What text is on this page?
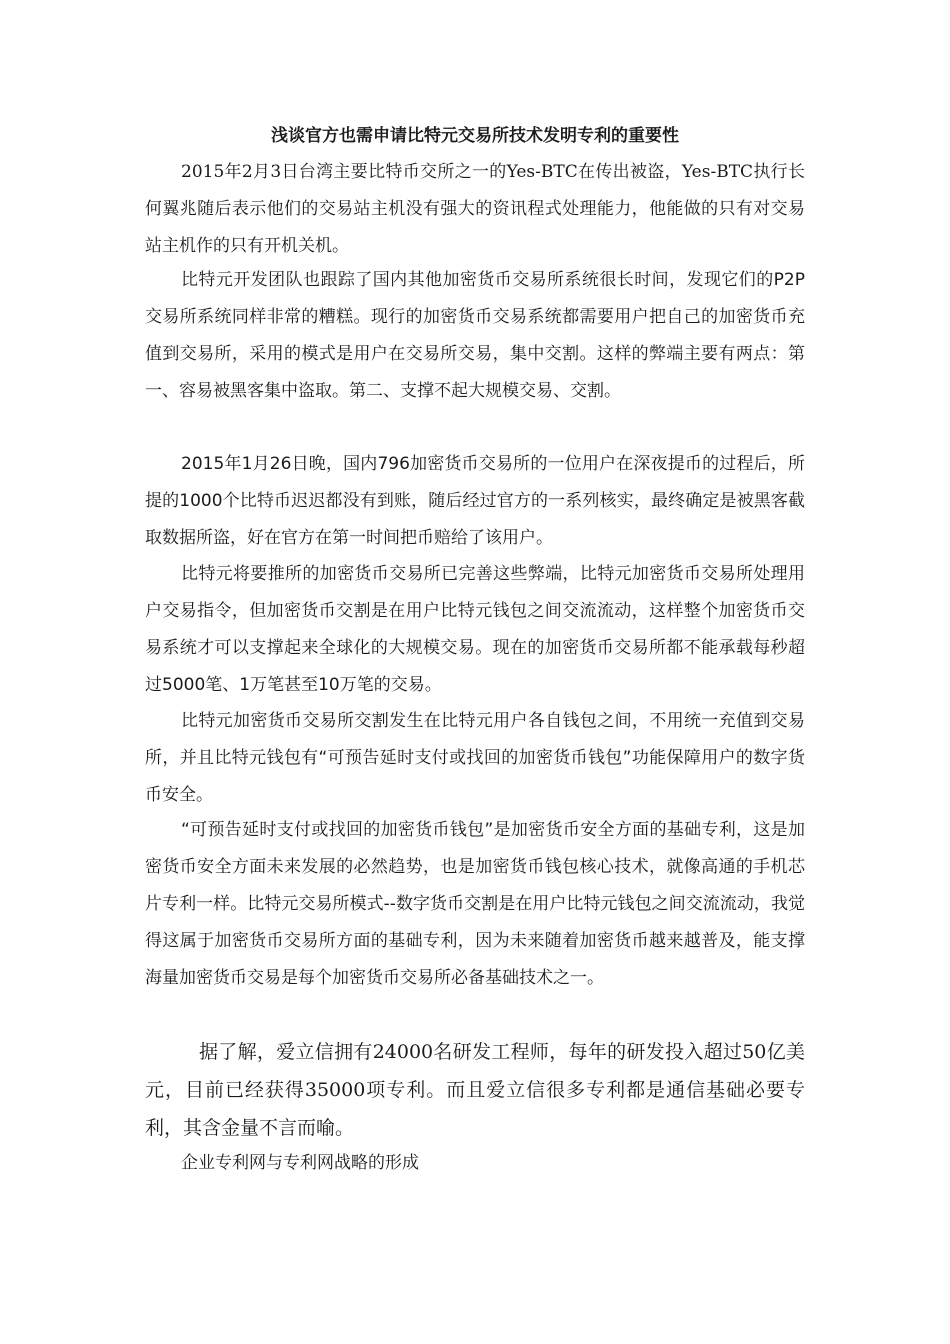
浅谈官方也需申请比特元交易所技术发明专利的重要性

2015年2月3日台湾主要比特币交所之一的Yes-BTC在传出被盗，Yes-BTC执行长何翼兆随后表示他们的交易站主机没有强大的资讯程式处理能力，他能做的只有对交易站主机作的只有开机关机。

比特元开发团队也跟踪了国内其他加密货币交易所系统很长时间，发现它们的P2P交易所系统同样非常的糟糕。现行的加密货币交易系统都需要用户把自己的加密货币充值到交易所，采用的模式是用户在交易所交易，集中交割。这样的弊端主要有两点：第一、容易被黑客集中盗取。第二、支撑不起大规模交易、交割。

2015年1月26日晚，国内796加密货币交易所的一位用户在深夜提币的过程后，所提的1000个比特币迟迟都没有到账，随后经过官方的一系列核实，最终确定是被黑客截取数据所盗，好在官方在第一时间把币赔给了该用户。

比特元将要推所的加密货币交易所已完善这些弊端，比特元加密货币交易所处理用户交易指令，但加密货币交割是在用户比特元钱包之间交流流动，这样整个加密货币交易系统才可以支撑起来全球化的大规模交易。现在的加密货币交易所都不能承载每秒超过5000笔、1万笔甚至10万笔的交易。

比特元加密货币交易所交割发生在比特元用户各自钱包之间，不用统一充值到交易所，并且比特元钱包有“可预告延时支付或找回的加密货币钱包”功能保障用户的数字货币安全。

“可预告延时支付或找回的加密货币钱包”是加密货币安全方面的基础专利，这是加密货币安全方面未来发展的必然趋势，也是加密货币钱包核心技术，就像高通的手机芯片专利一样。比特元交易所模式--数字货币交割是在用户比特元钱包之间交流流动，我觉得这属于加密货币交易所方面的基础专利，因为未来随着加密货币越来越普及，能支撑海量加密货币交易是每个加密货币交易所必备基础技术之一。

据了解，爱立信拥有24000名研发工程师，每年的研发投入超过50亿美元，目前已经获得35000项专利。而且爱立信很多专利都是通信基础必要专利，其含金量不言而喻。

企业专利网与专利网战略的形成
